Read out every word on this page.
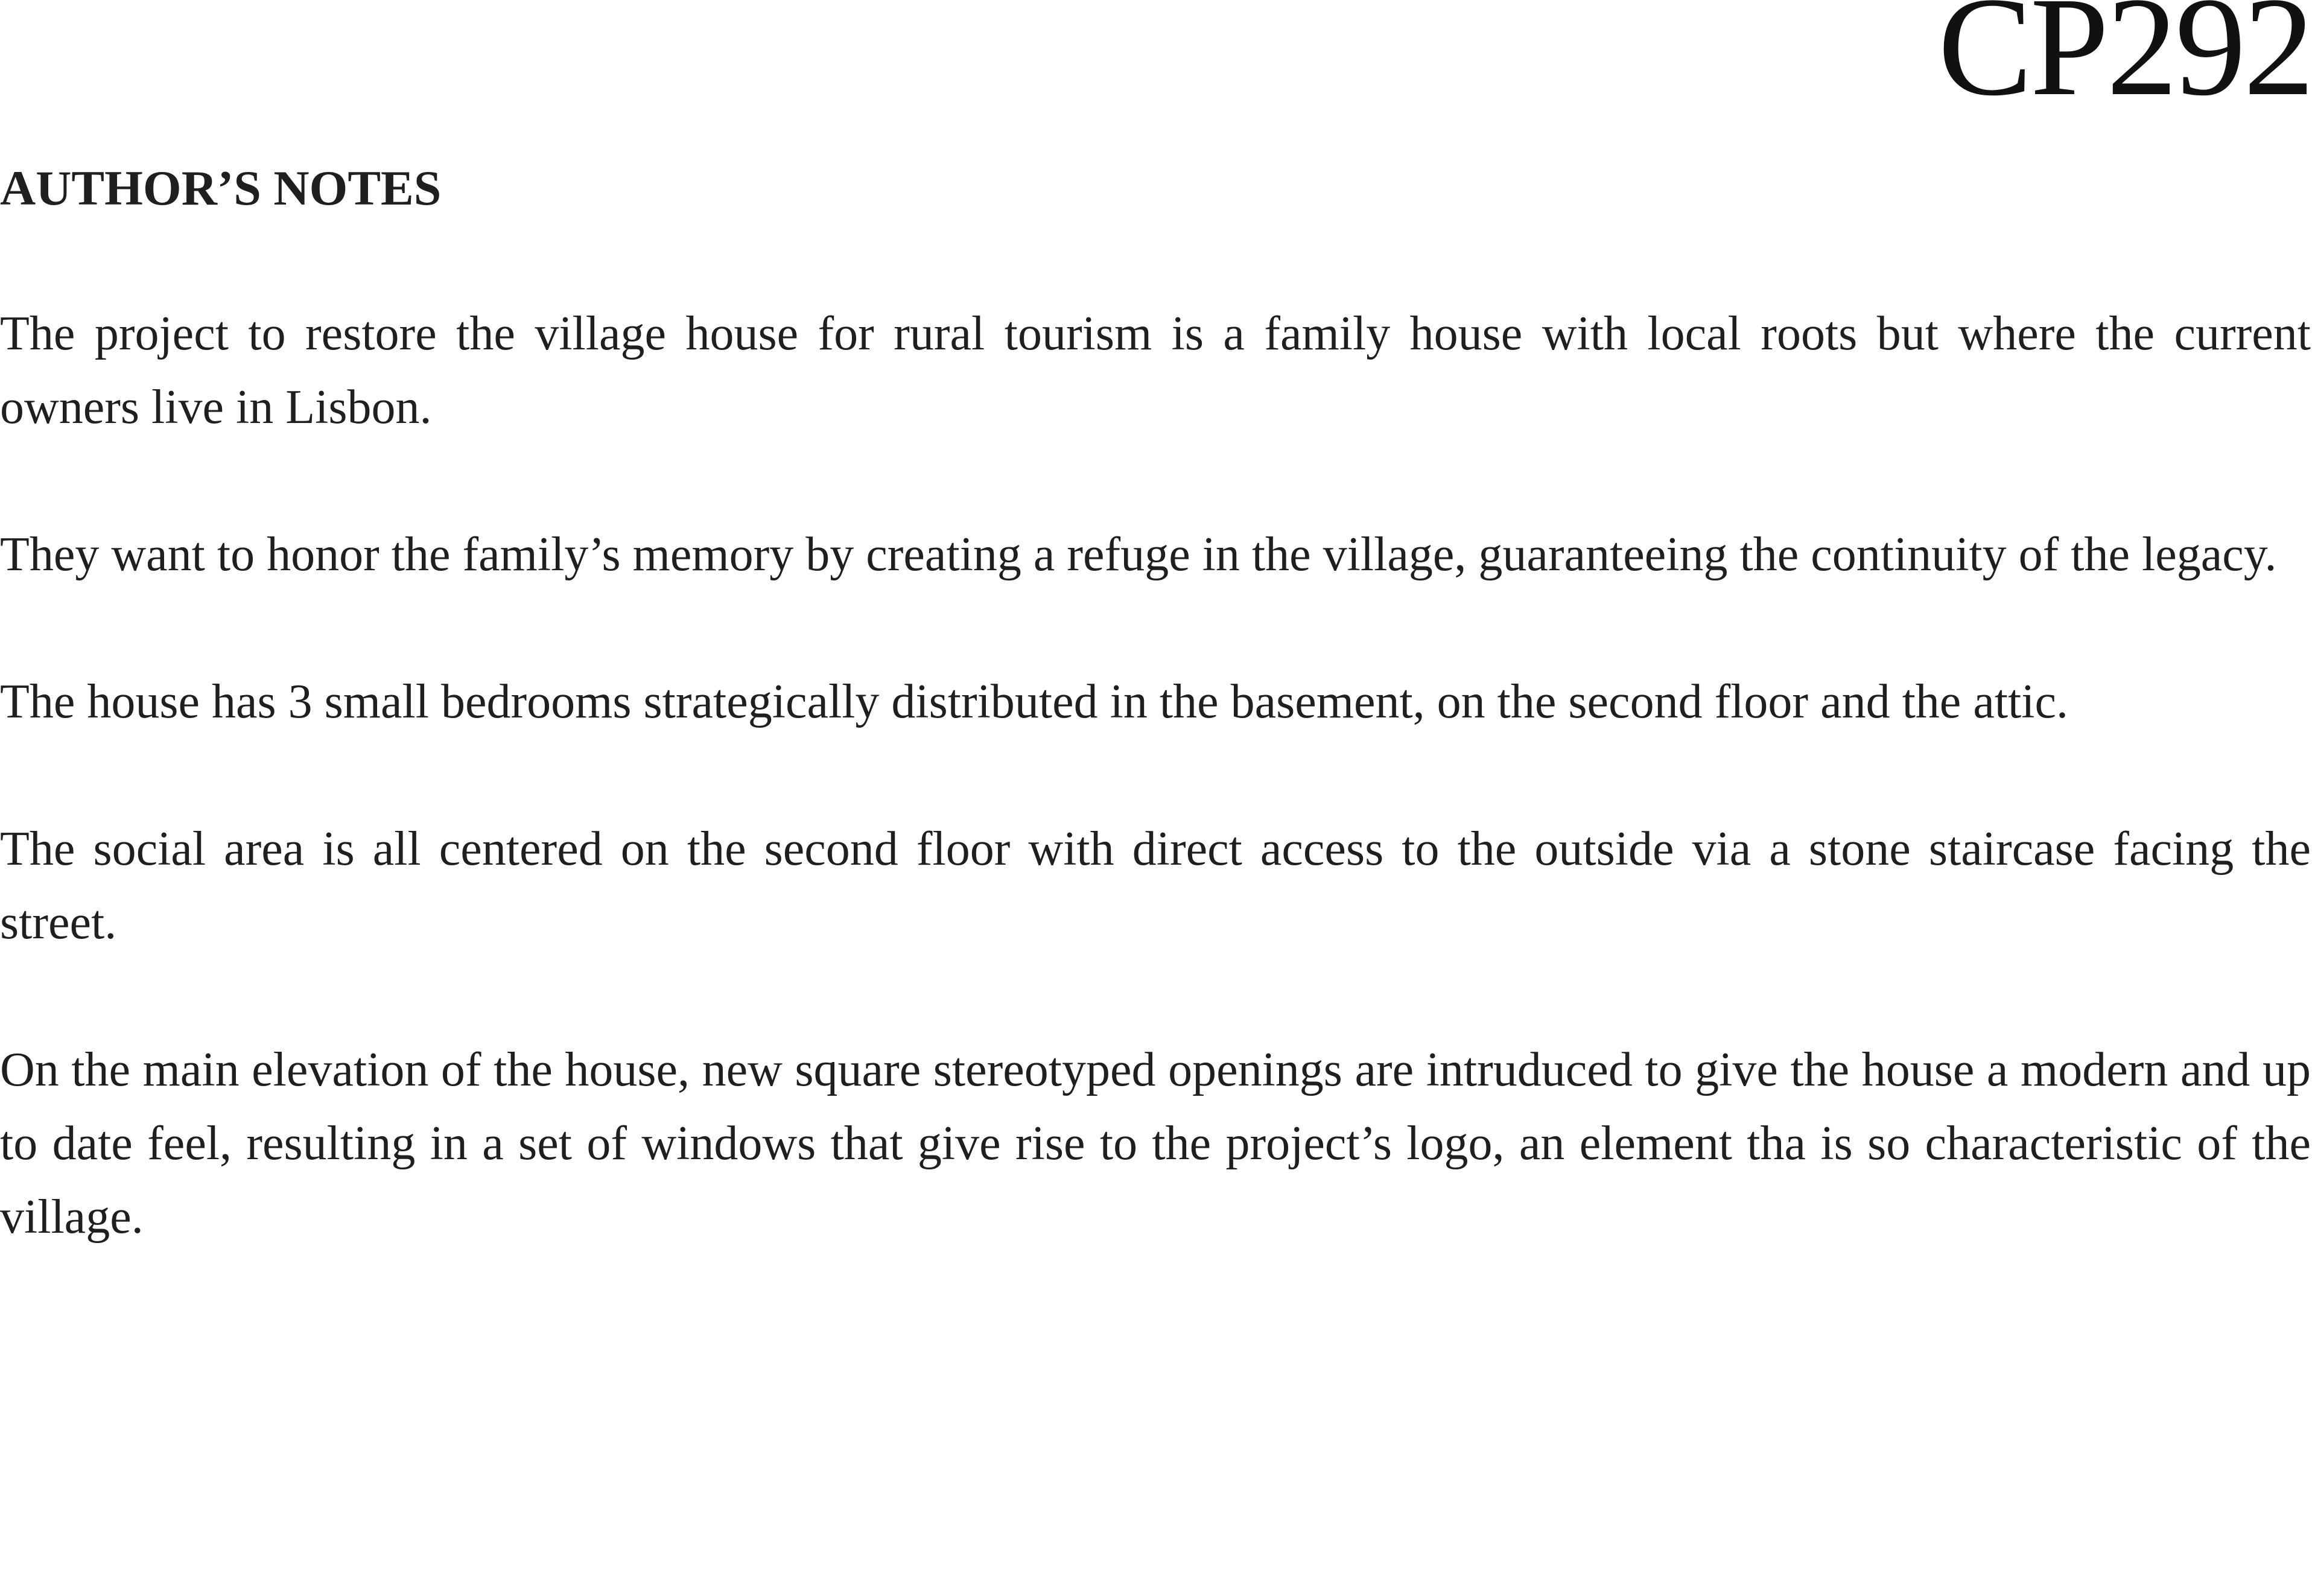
CP292
AUTHOR’S NOTES

The project to restore the village house for rural tourism is a family house with local roots but where the current owners live in Lisbon.

They want to honor the family’s memory by creating a refuge in the village, guaranteeing the continuity of the legacy.

The house has 3 small bedrooms strategically distributed in the basement, on the second floor and the attic.

The social area is all centered on the second floor with direct access to the outside via a stone staircase facing the street.

On the main elevation of the house, new square stereotyped openings are intruduced to give the house a modern and up to date feel, resulting in a set of windows that give rise to the project’s logo, an element tha is so characteristic of the village.
